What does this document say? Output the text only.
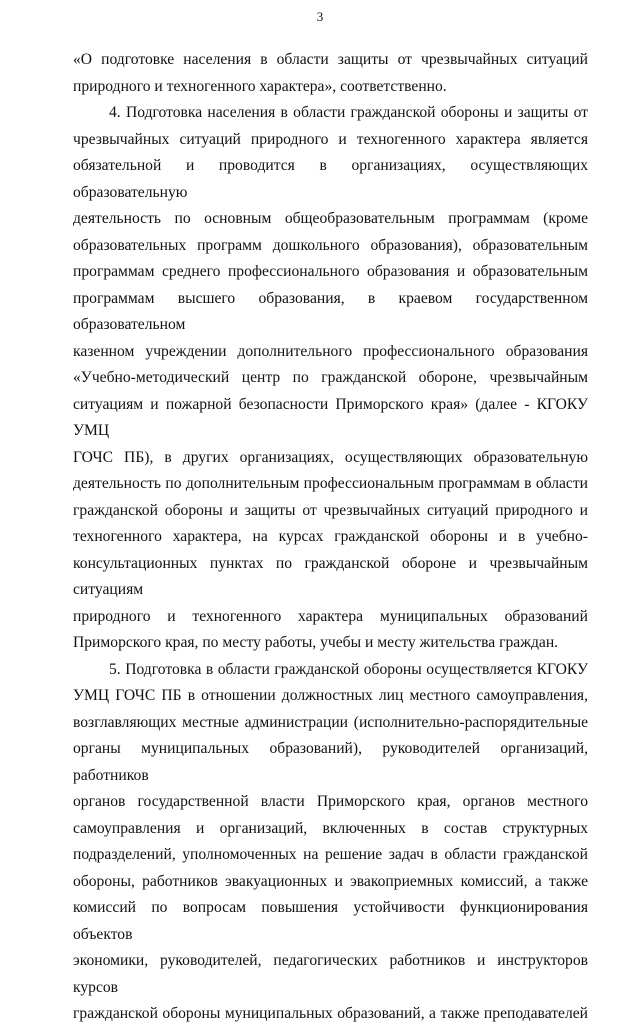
3

«О подготовке населения в области защиты от чрезвычайных ситуаций

природного и техногенного характера», соответственно.

4. Подготовка населения в области гражданской обороны и защиты от

чрезвычайных ситуаций природного и техногенного характера является

обязательной и проводится в организациях, осуществляющих образовательную

деятельность по основным общеобразовательным программам (кроме

образовательных программ дошкольного образования), образовательным

программам среднего профессионального образования и образовательным

программам высшего образования, в краевом государственном образовательном

казенном учреждении дополнительного профессионального образования

«Учебно-методический центр по гражданской обороне, чрезвычайным

ситуациям и пожарной безопасности Приморского края» (далее - КГОКУ УМЦ

ГОЧС ПБ), в других организациях, осуществляющих образовательную

деятельность по дополнительным профессиональным программам в области

гражданской обороны и защиты от чрезвычайных ситуаций природного и

техногенного характера, на курсах гражданской обороны и в учебно-

консультационных пунктах по гражданской обороне и чрезвычайным ситуациям

природного и техногенного характера муниципальных образований

Приморского края, по месту работы, учебы и месту жительства граждан.

5. Подготовка в области гражданской обороны осуществляется КГОКУ

УМЦ ГОЧС ПБ в отношении должностных лиц местного самоуправления,

возглавляющих местные администрации (исполнительно-распорядительные

органы муниципальных образований), руководителей организаций, работников

органов государственной власти Приморского края, органов местного

самоуправления и организаций, включенных в состав структурных

подразделений, уполномоченных на решение задач в области гражданской

обороны, работников эвакуационных и эвакоприемных комиссий, а также

комиссий по вопросам повышения устойчивости функционирования объектов

экономики, руководителей, педагогических работников и инструкторов курсов

гражданской обороны муниципальных образований, а также преподавателей
